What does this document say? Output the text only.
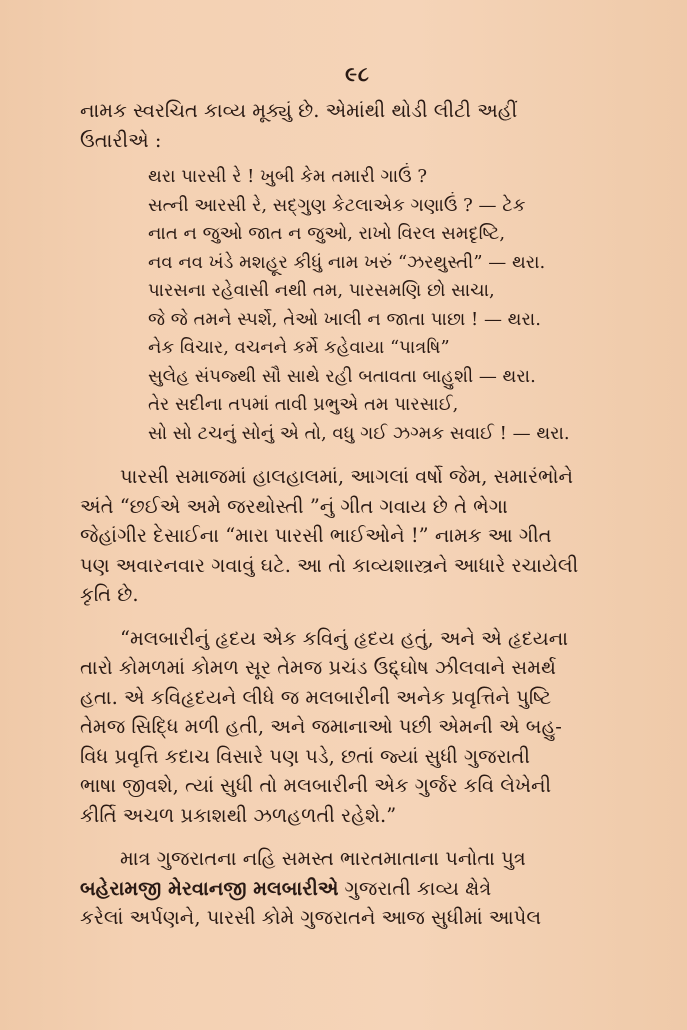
૯૮
નામક સ્વરચિત કાવ્ય મૂક્યું છે. એમાંથી થોડી લીટી અહીં
ઉતારીએ :
થરા પારસી રે ! ખુબી કેમ તમારી ગાઉં ?
સત્ની આરસી રે, સદ્ગુણ કેટલાએક ગણાઉં ? — ટેક
નાત ન જુઓ જાત ન જુઓ, રાખો વિરલ સમદૃષ્ટિ,
નવ નવ ખંડે મશહૂર કીધું નામ ખરું “ઝરથુસ્તી” — થરા.
પારસના રહેવાસી નથી તમ, પારસમણિ છો સાચા,
જે જે તમને સ્પર્શે, તેઓ ખાલી ન જાતા પાછા ! — થરા.
નેક વિચાર, વચનને કર્મે કહેવાયા “પાત્રષિ”
સુલેહ સંપજ્થી સૌ સાથે રહી બતાવતા બાહુશી — થરા.
તેર સદીના તપમાં તાવી પ્રભુએ તમ પારસાઈ,
સો સો ટચનું સોનું એ તો, વધુ ગઈ ઝગ્મક સવાઈ ! — થરા.
પારસી સમાજમાં હાલહાલમાં, આગલાં વર્ષો જેમ, સમારંભોને
અંતે “છઈએ અમે જરથોસ્તી ”નું ગીત ગવાય છે તે ભેગા
જેહાંગીર દેસાઈના “મારા પારસી ભાઈઓને !” નામક આ ગીત
પણ અવારનવાર ગવાવું ઘટે. આ તો કાવ્યશાસ્ત્રને આધારે રચાયેલી
કૃતિ છે.
“મલબારીનું હૃદય એક કવિનું હૃદય હતું, અને એ હૃદયના
તારો કોમળમાં કોમળ સૂર તેમજ પ્રચંડ ઉદ્દ્ઘોષ ઝીલવાને સમર્થ
હતા. એ કવિહૃદયને લીધે જ મલબારીની અનેક પ્રવૃત્તિને પુષ્ટિ
તેમજ સિદ્ધિ મળી હતી, અને જમાનાઓ પછી એમની એ બહુ-
વિધ પ્રવૃત્તિ કદાચ વિસારે પણ પડે, છતાં જ્યાં સુધી ગુજરાતી
ભાષા જીવશે, ત્યાં સુધી તો મલબારીની એક ગુર્જર કવિ લેખેની
કીર્તિ અચળ પ્રકાશથી ઝળહળતી રહેશે.”
માત્ર ગુજરાતના નહિ સમસ્ત ભારતમાતાના પનોતા પુત્ર
બહેરામજી મેરવાનજી મલબારીએ ગુજરાતી કાવ્ય ક્ષેત્રે
કરેલાં અર્પણને, પારસી કોમે ગુજરાતને આજ સુધીમાં આપેલ
